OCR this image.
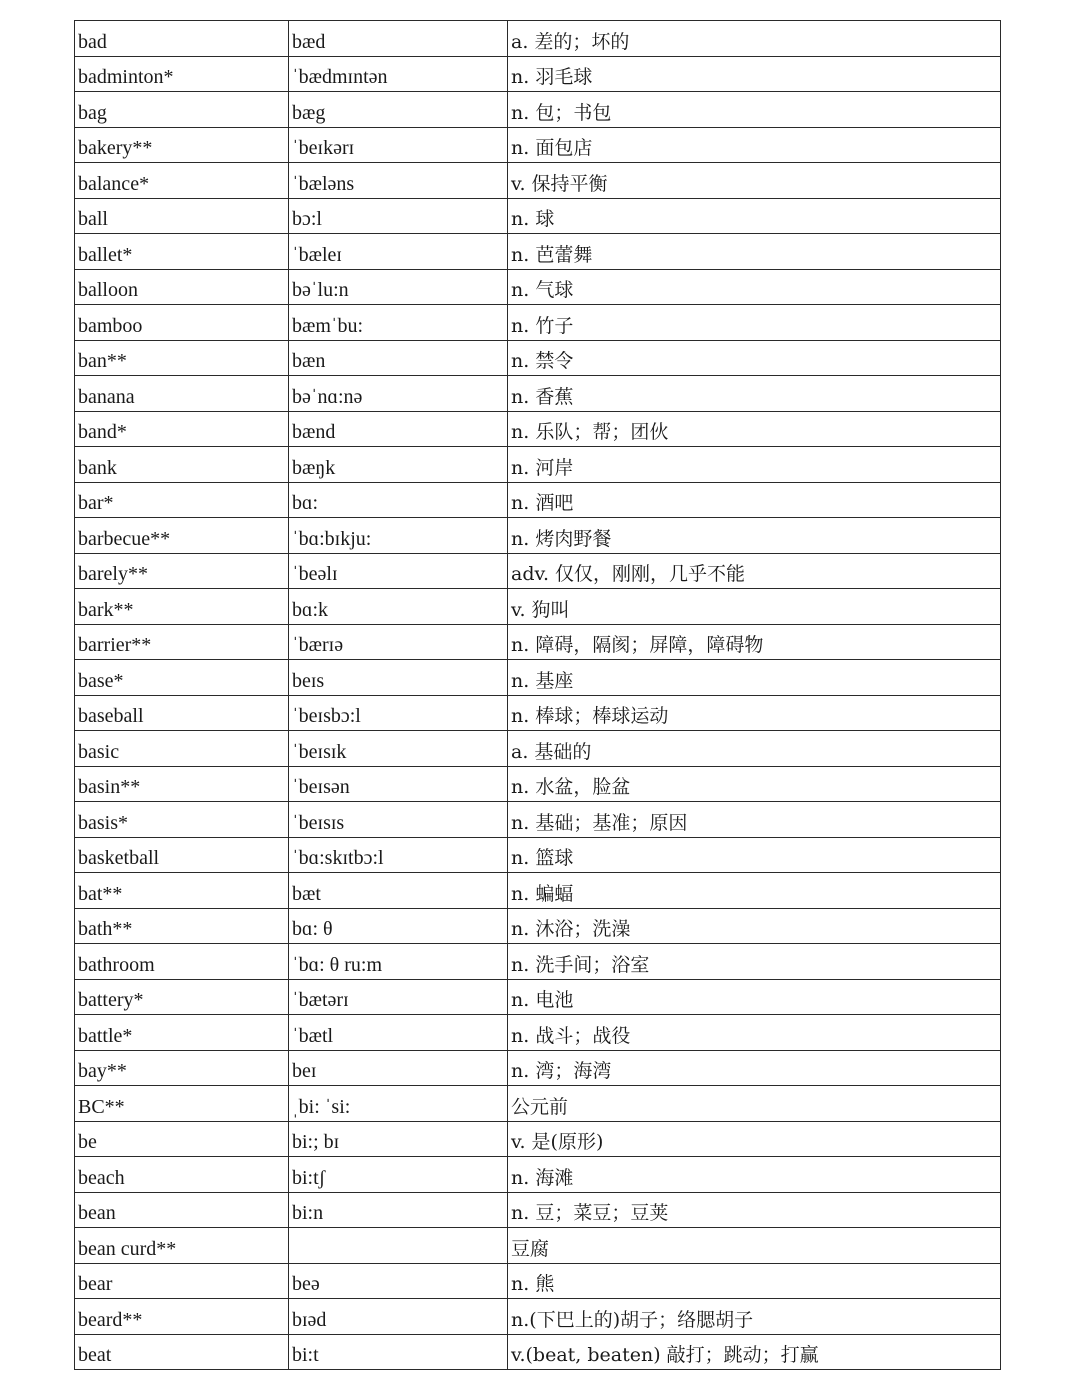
bad	bæd	a. 差的；坏的
badminton*	ˈbædmɪntən	n. 羽毛球
bag	bæg	n. 包；书包
bakery**	ˈbeɪkərɪ	n. 面包店
balance*	ˈbæləns	v. 保持平衡
ball	bɔ:l	n. 球
ballet*	ˈbæleɪ	n. 芭蕾舞
balloon	bəˈlu:n	n. 气球
bamboo	bæmˈbu:	n. 竹子
ban**	bæn	n. 禁令
banana	bəˈnɑ:nə	n. 香蕉
band*	bænd	n. 乐队；帮；团伙
bank	bæŋk	n. 河岸
bar*	bɑ:	n. 酒吧
barbecue**	ˈbɑ:bɪkju:	n. 烤肉野餐
barely**	ˈbeəlɪ	adv. 仅仅，刚刚，几乎不能
bark**	bɑ:k	v. 狗叫
barrier**	ˈbærɪə	n. 障碍，隔阂；屏障，障碍物
base*	beɪs	n. 基座
baseball	ˈbeɪsbɔ:l	n. 棒球；棒球运动
basic	ˈbeɪsɪk	a. 基础的
basin**	ˈbeɪsən	n. 水盆，脸盆
basis*	ˈbeɪsɪs	n. 基础；基准；原因
basketball	ˈbɑ:skɪtbɔ:l	n. 篮球
bat**	bæt	n. 蝙蝠
bath**	bɑ: θ	n. 沐浴；洗澡
bathroom	ˈbɑ: θ ru:m	n. 洗手间；浴室
battery*	ˈbætərɪ	n. 电池
battle*	ˈbætl	n. 战斗；战役
bay**	beɪ	n. 湾；海湾
BC**	ˌbi: ˈsi:	公元前
be	bi:; bɪ	v. 是(原形)
beach	bi:tʃ	n. 海滩
bean	bi:n	n. 豆；菜豆；豆荚
bean curd**		豆腐
bear	beə	n. 熊
beard**	bɪəd	n.(下巴上的)胡子；络腮胡子
beat	bi:t	v.(beat, beaten) 敲打；跳动；打赢
